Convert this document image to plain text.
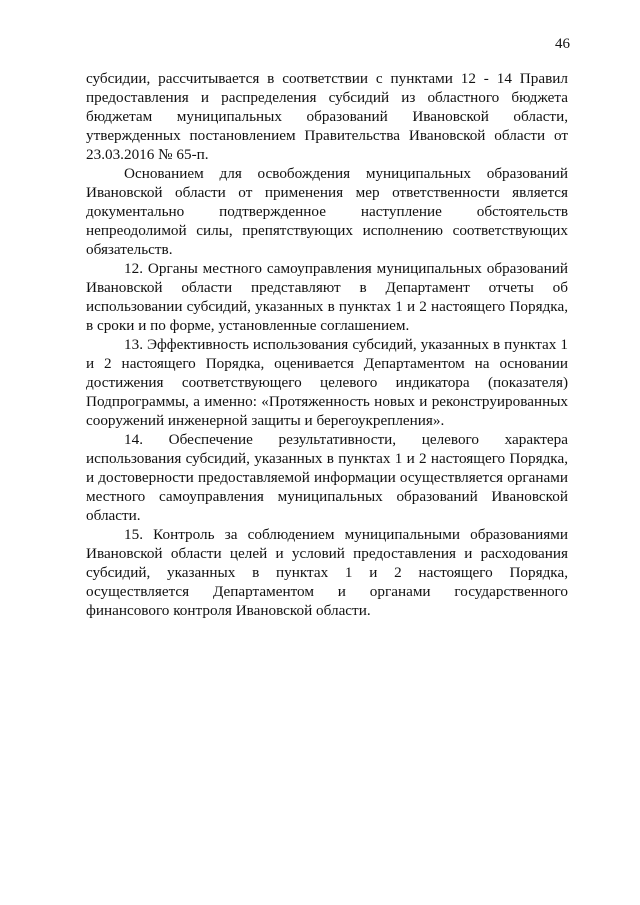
46

субсидии, рассчитывается в соответствии с пунктами 12 - 14 Правил предоставления и распределения субсидий из областного бюджета бюджетам муниципальных образований Ивановской области, утвержденных постановлением Правительства Ивановской области от 23.03.2016 № 65-п.

Основанием для освобождения муниципальных образований Ивановской области от применения мер ответственности является документально подтвержденное наступление обстоятельств непреодолимой силы, препятствующих исполнению соответствующих обязательств.

12. Органы местного самоуправления муниципальных образований Ивановской области представляют в Департамент отчеты об использовании субсидий, указанных в пунктах 1 и 2 настоящего Порядка, в сроки и по форме, установленные соглашением.

13. Эффективность использования субсидий, указанных в пунктах 1 и 2 настоящего Порядка, оценивается Департаментом на основании достижения соответствующего целевого индикатора (показателя) Подпрограммы, а именно: «Протяженность новых и реконструированных сооружений инженерной защиты и берегоукрепления».

14. Обеспечение результативности, целевого характера использования субсидий, указанных в пунктах 1 и 2 настоящего Порядка, и достоверности предоставляемой информации осуществляется органами местного самоуправления муниципальных образований Ивановской области.

15. Контроль за соблюдением муниципальными образованиями Ивановской области целей и условий предоставления и расходования субсидий, указанных в пунктах 1 и 2 настоящего Порядка, осуществляется Департаментом и органами государственного финансового контроля Ивановской области.
